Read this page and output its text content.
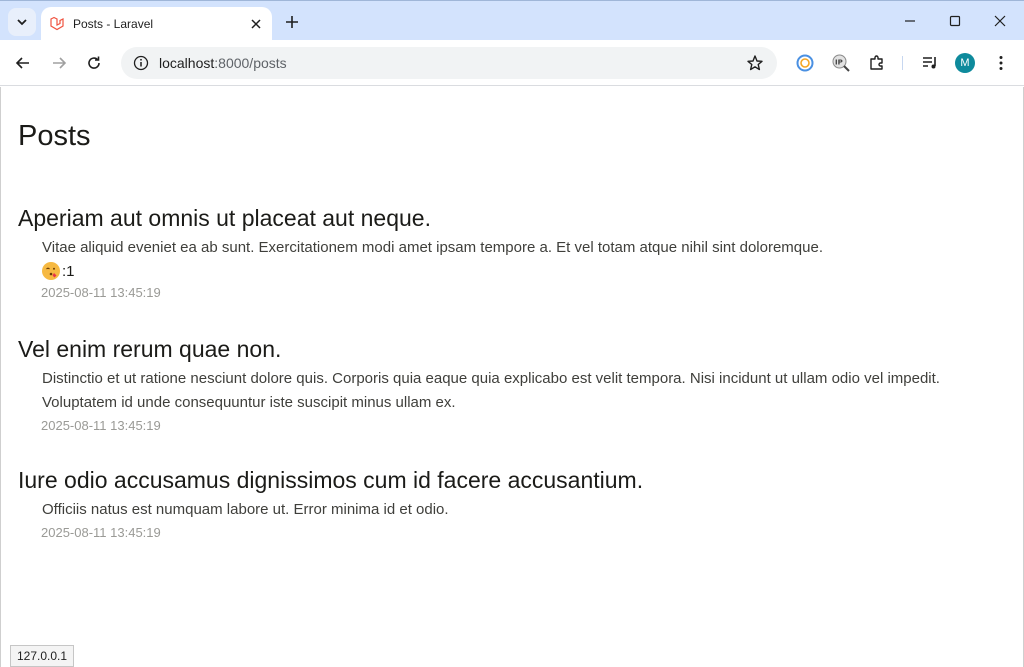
Posts - Laravel
localhost:8000/posts	IP	M
Posts
Aperiam aut omnis ut placeat aut neque.

Vitae aliquid eveniet ea ab sunt. Exercitationem modi amet ipsam tempore a. Et vel totam atque nihil sint doloremque.

:1
2025-08-11 13:45:19
Vel enim rerum quae non.

Distinctio et ut ratione nesciunt dolore quis. Corporis quia eaque quia explicabo est velit tempora. Nisi incidunt ut ullam odio vel impedit. Voluptatem id unde consequuntur iste suscipit minus ullam ex.

2025-08-11 13:45:19
Iure odio accusamus dignissimos cum id facere accusantium.

Officiis natus est numquam labore ut. Error minima id et odio.

2025-08-11 13:45:19
127.0.0.1
